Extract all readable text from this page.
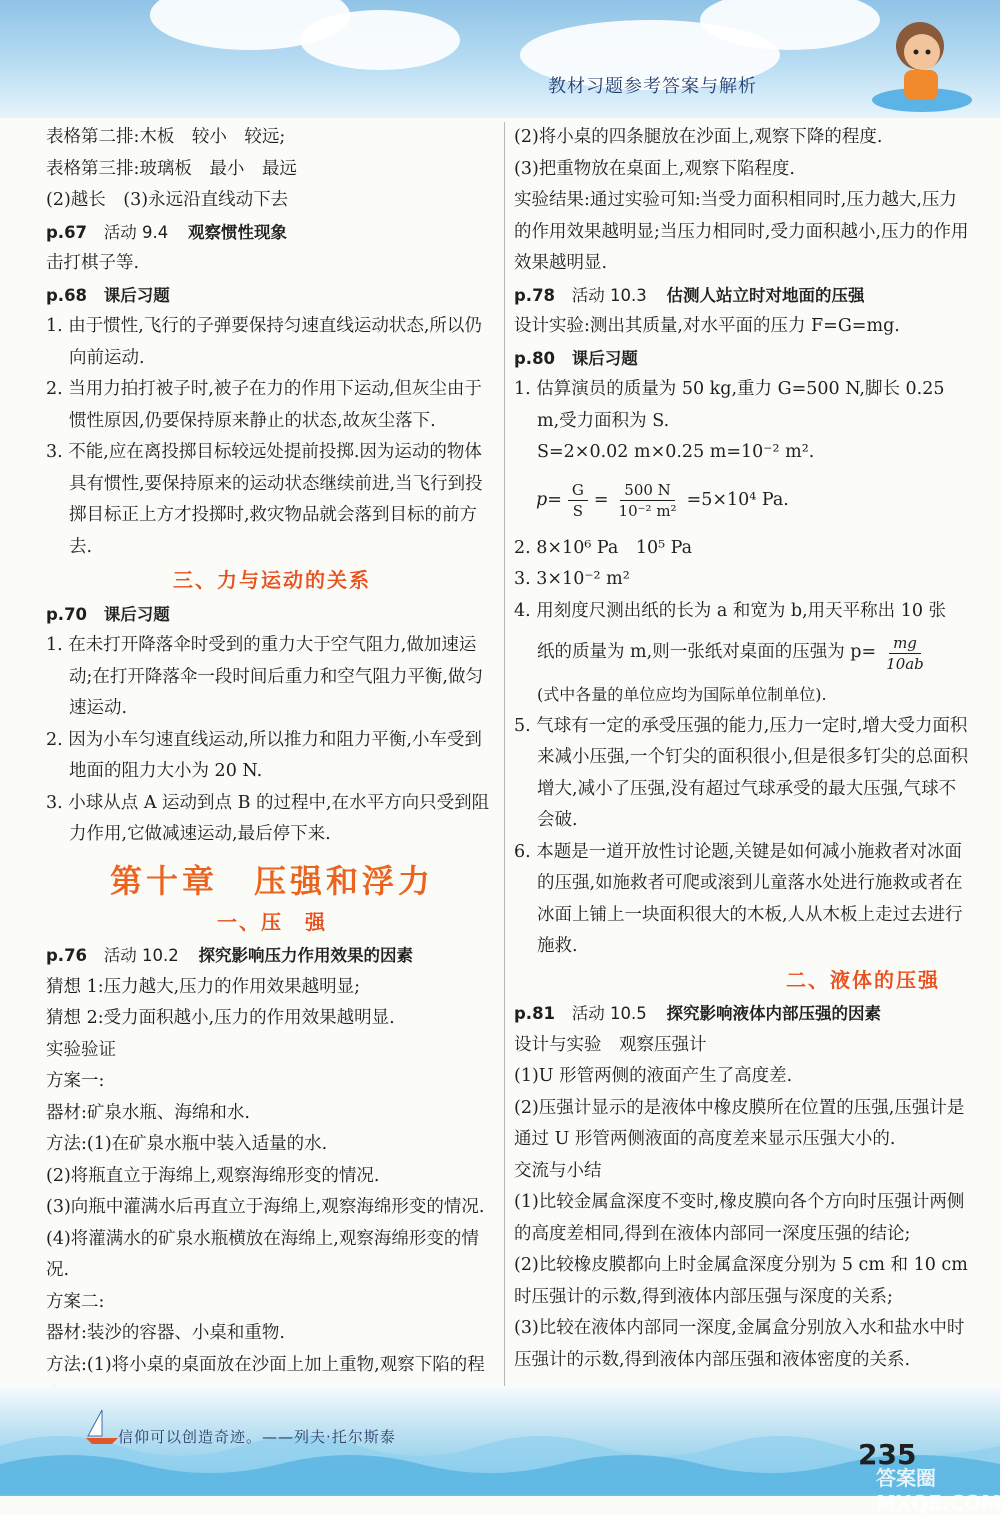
教材习题参考答案与解析

表格第二排:木板　较小　较远;

表格第三排:玻璃板　最小　最远

(2)越长　(3)永远沿直线动下去

p.67 活动 9.4 观察惯性现象

击打棋子等.

p.68 课后习题

1. 由于惯性,飞行的子弹要保持匀速直线运动状态,所以仍向前运动.

2. 当用力拍打被子时,被子在力的作用下运动,但灰尘由于惯性原因,仍要保持原来静止的状态,故灰尘落下.

3. 不能,应在离投掷目标较远处提前投掷.因为运动的物体具有惯性,要保持原来的运动状态继续前进,当飞行到投掷目标正上方才投掷时,救灾物品就会落到目标的前方去.

三、力与运动的关系
p.70 课后习题

1. 在未打开降落伞时受到的重力大于空气阻力,做加速运动;在打开降落伞一段时间后重力和空气阻力平衡,做匀速运动.

2. 因为小车匀速直线运动,所以推力和阻力平衡,小车受到地面的阻力大小为 20 N.

3. 小球从点 A 运动到点 B 的过程中,在水平方向只受到阻力作用,它做减速运动,最后停下来.

第十章　压强和浮力
一、压　强
p.76 活动 10.2 探究影响压力作用效果的因素

猜想 1:压力越大,压力的作用效果越明显;

猜想 2:受力面积越小,压力的作用效果越明显.

实验验证

方案一:

器材:矿泉水瓶、海绵和水.

方法:(1)在矿泉水瓶中装入适量的水.

(2)将瓶直立于海绵上,观察海绵形变的情况.

(3)向瓶中灌满水后再直立于海绵上,观察海绵形变的情况.

(4)将灌满水的矿泉水瓶横放在海绵上,观察海绵形变的情况.

方案二:

器材:装沙的容器、小桌和重物.

方法:(1)将小桌的桌面放在沙面上加上重物,观察下陷的程

(2)将小桌的四条腿放在沙面上,观察下降的程度.

(3)把重物放在桌面上,观察下陷程度.

实验结果:通过实验可知:当受力面积相同时,压力越大,压力的作用效果越明显;当压力相同时,受力面积越小,压力的作用效果越明显.

p.78 活动 10.3 估测人站立时对地面的压强

设计实验:测出其质量,对水平面的压力 F=G=mg.

p.80 课后习题

1. 估算演员的质量为 50 kg,重力 G=500 N,脚长 0.25 m,受力面积为 S.

S=2×0.02 m×0.25 m=10⁻² m².

$p= \frac{G}{S} = \frac{500 N}{\text{10⁻² m²}} =5\times 10^4$ Pa.

2. 8×10⁶ Pa　10⁵ Pa

3. 3×10⁻² m²

4. 用刻度尺测出纸的长为 a 和宽为 b,用天平称出 10 张

纸的质量为 m,则一张纸对桌面的压强为 $p= \frac{mg}{10ab}$

(式中各量的单位应均为国际单位制单位).

5. 气球有一定的承受压强的能力,压力一定时,增大受力面积来减小压强,一个钉尖的面积很小,但是很多钉尖的总面积增大,减小了压强,没有超过气球承受的最大压强,气球不会破.

6. 本题是一道开放性讨论题,关键是如何减小施救者对冰面的压强,如施救者可爬或滚到儿童落水处进行施救或者在冰面上铺上一块面积很大的木板,人从木板上走过去进行施救.

二、液体的压强
p.81 活动 10.5 探究影响液体内部压强的因素

设计与实验　观察压强计

(1)U 形管两侧的液面产生了高度差.

(2)压强计显示的是液体中橡皮膜所在位置的压强,压强计是通过 U 形管两侧液面的高度差来显示压强大小的.

交流与小结

(1)比较金属盒深度不变时,橡皮膜向各个方向时压强计两侧的高度差相同,得到在液体内部同一深度压强的结论;

(2)比较橡皮膜都向上时金属盒深度分别为 5 cm 和 10 cm时压强计的示数,得到液体内部压强与深度的关系;

(3)比较在液体内部同一深度,金属盒分别放入水和盐水中时压强计的示数,得到液体内部压强和液体密度的关系.

信仰可以创造奇迹。——列夫·托尔斯泰
235
答案圈 MXQE.COM
